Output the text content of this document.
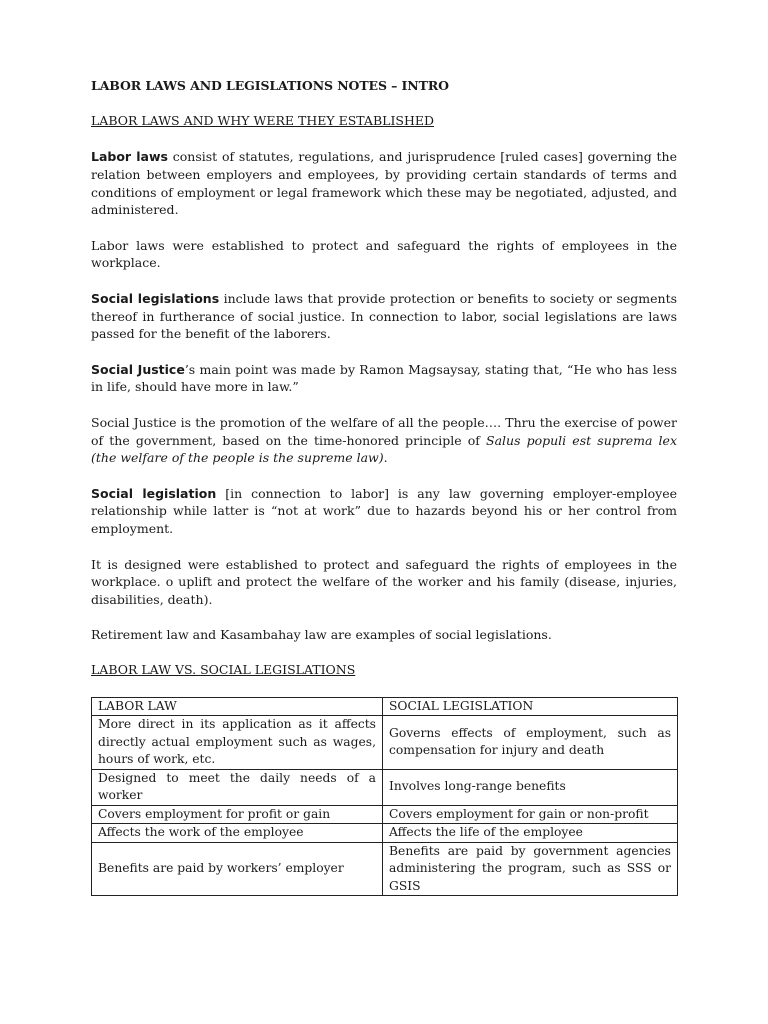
LABOR LAWS AND LEGISLATIONS NOTES – INTRO
LABOR LAWS AND WHY WERE THEY ESTABLISHED

Labor laws consist of statutes, regulations, and jurisprudence [ruled cases] governing the relation between employers and employees, by providing certain standards of terms and conditions of employment or legal framework which these may be negotiated, adjusted, and administered.

Labor laws were established to protect and safeguard the rights of employees in the workplace.

Social legislations include laws that provide protection or benefits to society or segments thereof in furtherance of social justice. In connection to labor, social legislations are laws passed for the benefit of the laborers.

Social Justice’s main point was made by Ramon Magsaysay, stating that, “He who has less in life, should have more in law.”

Social Justice is the promotion of the welfare of all the people…. Thru the exercise of power of the government, based on the time-honored principle of Salus populi est suprema lex (the welfare of the people is the supreme law).

Social legislation [in connection to labor] is any law governing employer-employee relationship while latter is “not at work” due to hazards beyond his or her control from employment.

It is designed were established to protect and safeguard the rights of employees in the workplace. o uplift and protect the welfare of the worker and his family (disease, injuries, disabilities, death).

Retirement law and Kasambahay law are examples of social legislations.

LABOR LAW VS. SOCIAL LEGISLATIONS
LABOR LAW	SOCIAL LEGISLATION
More direct in its application as it affects directly actual employment such as wages, hours of work, etc.	Governs effects of employment, such as compensation for injury and death
Designed to meet the daily needs of a worker	Involves long-range benefits
Covers employment for profit or gain	Covers employment for gain or non-profit
Affects the work of the employee	Affects the life of the employee
Benefits are paid by workers’ employer	Benefits are paid by government agencies administering the program, such as SSS or GSIS
